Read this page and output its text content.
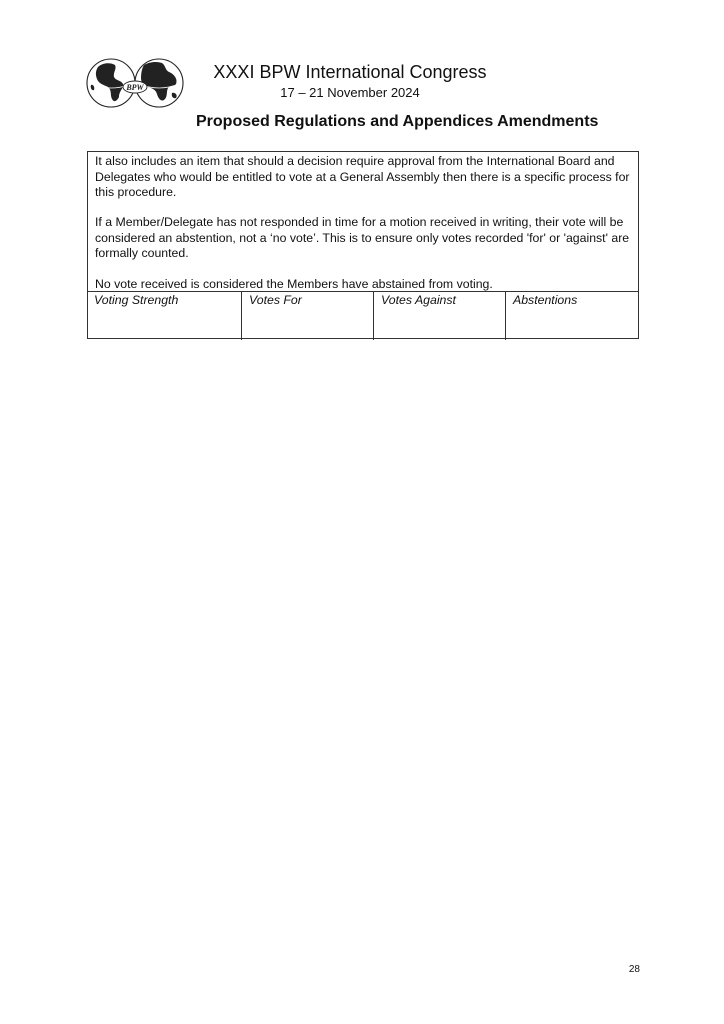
BPW
XXXI BPW International Congress
17 – 21 November 2024
Proposed Regulations and Appendices Amendments

It also includes an item that should a decision require approval from the International Board and Delegates who would be entitled to vote at a General Assembly then there is a specific process for this procedure.

If a Member/Delegate has not responded in time for a motion received in writing, their vote will be considered an abstention, not a ‘no vote’. This is to ensure only votes recorded 'for' or 'against' are formally counted.

No vote received is considered the Members have abstained from voting.

Voting Strength	Votes For	Votes Against	Abstentions
28
